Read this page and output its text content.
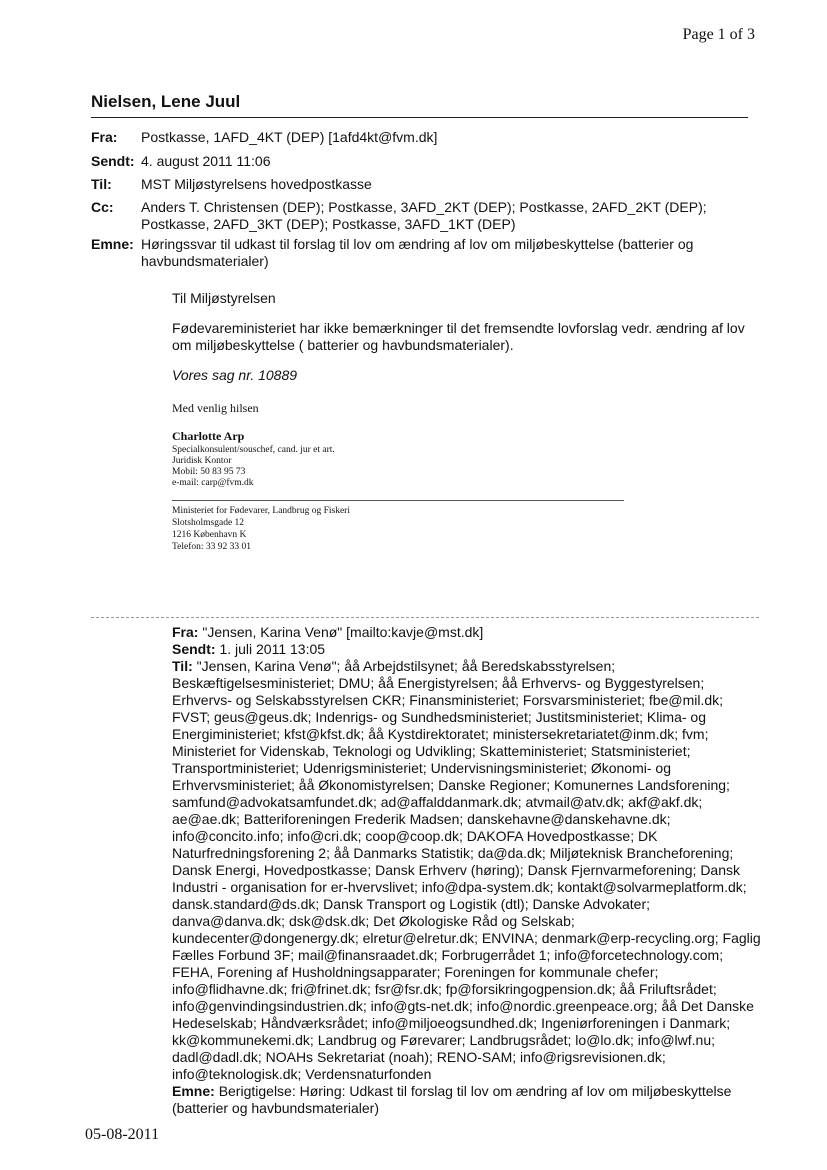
Page 1 of 3
Nielsen, Lene Juul
Fra:	Postkasse, 1AFD_4KT (DEP) [1afd4kt@fvm.dk]
Sendt: 4. august 2011 11:06
Til:	MST Miljøstyrelsens hovedpostkasse
Cc:	Anders T. Christensen (DEP); Postkasse, 3AFD_2KT (DEP); Postkasse, 2AFD_2KT (DEP); Postkasse, 2AFD_3KT (DEP); Postkasse, 3AFD_1KT (DEP)
Emne: Høringssvar til udkast til forslag til lov om ændring af lov om miljøbeskyttelse (batterier og havbundsmaterialer)

Til Miljøstyrelsen

Fødevareministeriet har ikke bemærkninger til det fremsendte lovforslag vedr. ændring af lov om miljøbeskyttelse ( batterier og havbundsmaterialer).

Vores sag nr. 10889

Med venlig hilsen
Charlotte Arp
Specialkonsulent/souschef, cand. jur et art.
Juridisk Kontor
Mobil: 50 83 95 73
e-mail: carp@fvm.dk
Ministeriet for Fødevarer, Landbrug og Fiskeri
Slotsholmsgade 12
1216 København K
Telefon: 33 92 33 01

Fra: "Jensen, Karina Venø" [mailto:kavje@mst.dk]

Sendt: 1. juli 2011 13:05

Til: "Jensen, Karina Venø"; åå Arbejdstilsynet; åå Beredskabsstyrelsen; Beskæftigelsesministeriet; DMU; åå Energistyrelsen; åå Erhvervs- og Byggestyrelsen; Erhvervs- og Selskabsstyrelsen CKR; Finansministeriet; Forsvarsministeriet; fbe@mil.dk; FVST; geus@geus.dk; Indenrigs- og Sundhedsministeriet; Justitsministeriet; Klima- og Energiministeriet; kfst@kfst.dk; åå Kystdirektoratet; ministersekretariatet@inm.dk; fvm; Ministeriet for Videnskab, Teknologi og Udvikling; Skatteministeriet; Statsministeriet; Transportministeriet; Udenrigsministeriet; Undervisningsministeriet; Økonomi- og Erhvervsministeriet; åå Økonomistyrelsen; Danske Regioner; Komunernes Landsforening; samfund@advokatsamfundet.dk; ad@affalddanmark.dk; atvmail@atv.dk; akf@akf.dk; ae@ae.dk; Batteriforeningen Frederik Madsen; danskehavne@danskehavne.dk; info@concito.info; info@cri.dk; coop@coop.dk; DAKOFA Hovedpostkasse; DK Naturfredningsforening 2; åå Danmarks Statistik; da@da.dk; Miljøteknisk Brancheforening; Dansk Energi, Hovedpostkasse; Dansk Erhverv (høring); Dansk Fjernvarmeforening; Dansk Industri - organisation for er-hvervslivet; info@dpa-system.dk; kontakt@solvarmeplatform.dk; dansk.standard@ds.dk; Dansk Transport og Logistik (dtl); Danske Advokater; danva@danva.dk; dsk@dsk.dk; Det Økologiske Råd og Selskab; kundecenter@dongenergy.dk; elretur@elretur.dk; ENVINA; denmark@erp-recycling.org; Faglig Fælles Forbund 3F; mail@finansraadet.dk; Forbrugerrådet 1; info@forcetechnology.com; FEHA, Forening af Husholdningsapparater; Foreningen for kommunale chefer; info@flidhavne.dk; fri@frinet.dk; fsr@fsr.dk; fp@forsikringogpension.dk; åå Friluftsrådet; info@genvindingsindustrien.dk; info@gts-net.dk; info@nordic.greenpeace.org; åå Det Danske Hedeselskab; Håndværksrådet; info@miljoeogsundhed.dk; Ingeniørforeningen i Danmark; kk@kommunekemi.dk; Landbrug og Førevarer; Landbrugsrådet; lo@lo.dk; info@lwf.nu; dadl@dadl.dk; NOAHs Sekretariat (noah); RENO-SAM; info@rigsrevisionen.dk; info@teknologisk.dk; Verdensnaturfonden

Emne: Berigtigelse: Høring: Udkast til forslag til lov om ændring af lov om miljøbeskyttelse (batterier og havbundsmaterialer)

05-08-2011
